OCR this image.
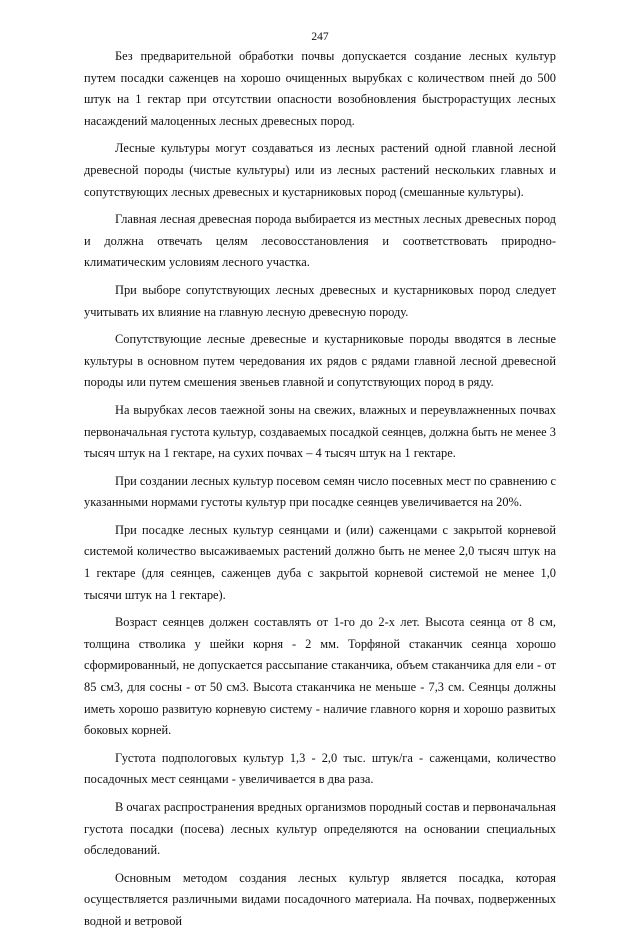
247

Без предварительной обработки почвы допускается создание лесных культур путем посадки саженцев на хорошо очищенных вырубках с количеством пней до 500 штук на 1 гектар при отсутствии опасности возобновления быстрорастущих лесных насаждений малоценных лесных древесных пород.

Лесные культуры могут создаваться из лесных растений одной главной лесной древесной породы (чистые культуры) или из лесных растений нескольких главных и сопутствующих лесных древесных и кустарниковых пород (смешанные культуры).

Главная лесная древесная порода выбирается из местных лесных древесных пород и должна отвечать целям лесовосстановления и соответствовать природно-климатическим условиям лесного участка.

При выборе сопутствующих лесных древесных и кустарниковых пород следует учитывать их влияние на главную лесную древесную породу.

Сопутствующие лесные древесные и кустарниковые породы вводятся в лесные культуры в основном путем чередования их рядов с рядами главной лесной древесной породы или путем смешения звеньев главной и сопутствующих пород в ряду.

На вырубках лесов таежной зоны на свежих, влажных и переувлажненных почвах первоначальная густота культур, создаваемых посадкой сеянцев, должна быть не менее 3 тысяч штук на 1 гектаре, на сухих почвах – 4 тысяч штук на 1 гектаре.

При создании лесных культур посевом семян число посевных мест по сравнению с указанными нормами густоты культур при посадке сеянцев увеличивается на 20%.

При посадке лесных культур сеянцами и (или) саженцами с закрытой корневой системой количество высаживаемых растений должно быть не менее 2,0 тысяч штук на 1 гектаре (для сеянцев, саженцев дуба с закрытой корневой системой не менее 1,0 тысячи штук на 1 гектаре).

Возраст сеянцев должен составлять от 1-го до 2-х лет. Высота сеянца от 8 см, толщина стволика у шейки корня - 2 мм. Торфяной стаканчик сеянца хорошо сформированный, не допускается рассыпание стаканчика, объем стаканчика для ели - от 85 см3, для сосны - от 50 см3. Высота стаканчика не меньше - 7,3 см. Сеянцы должны иметь хорошо развитую корневую систему - наличие главного корня и хорошо развитых боковых корней.

Густота подпологовых культур 1,3 - 2,0 тыс. штук/га - саженцами, количество посадочных мест сеянцами - увеличивается в два раза.

В очагах распространения вредных организмов породный состав и первоначальная густота посадки (посева) лесных культур определяются на основании специальных обследований.

Основным методом создания лесных культур является посадка, которая осуществляется различными видами посадочного материала. На почвах, подверженных водной и ветровой
